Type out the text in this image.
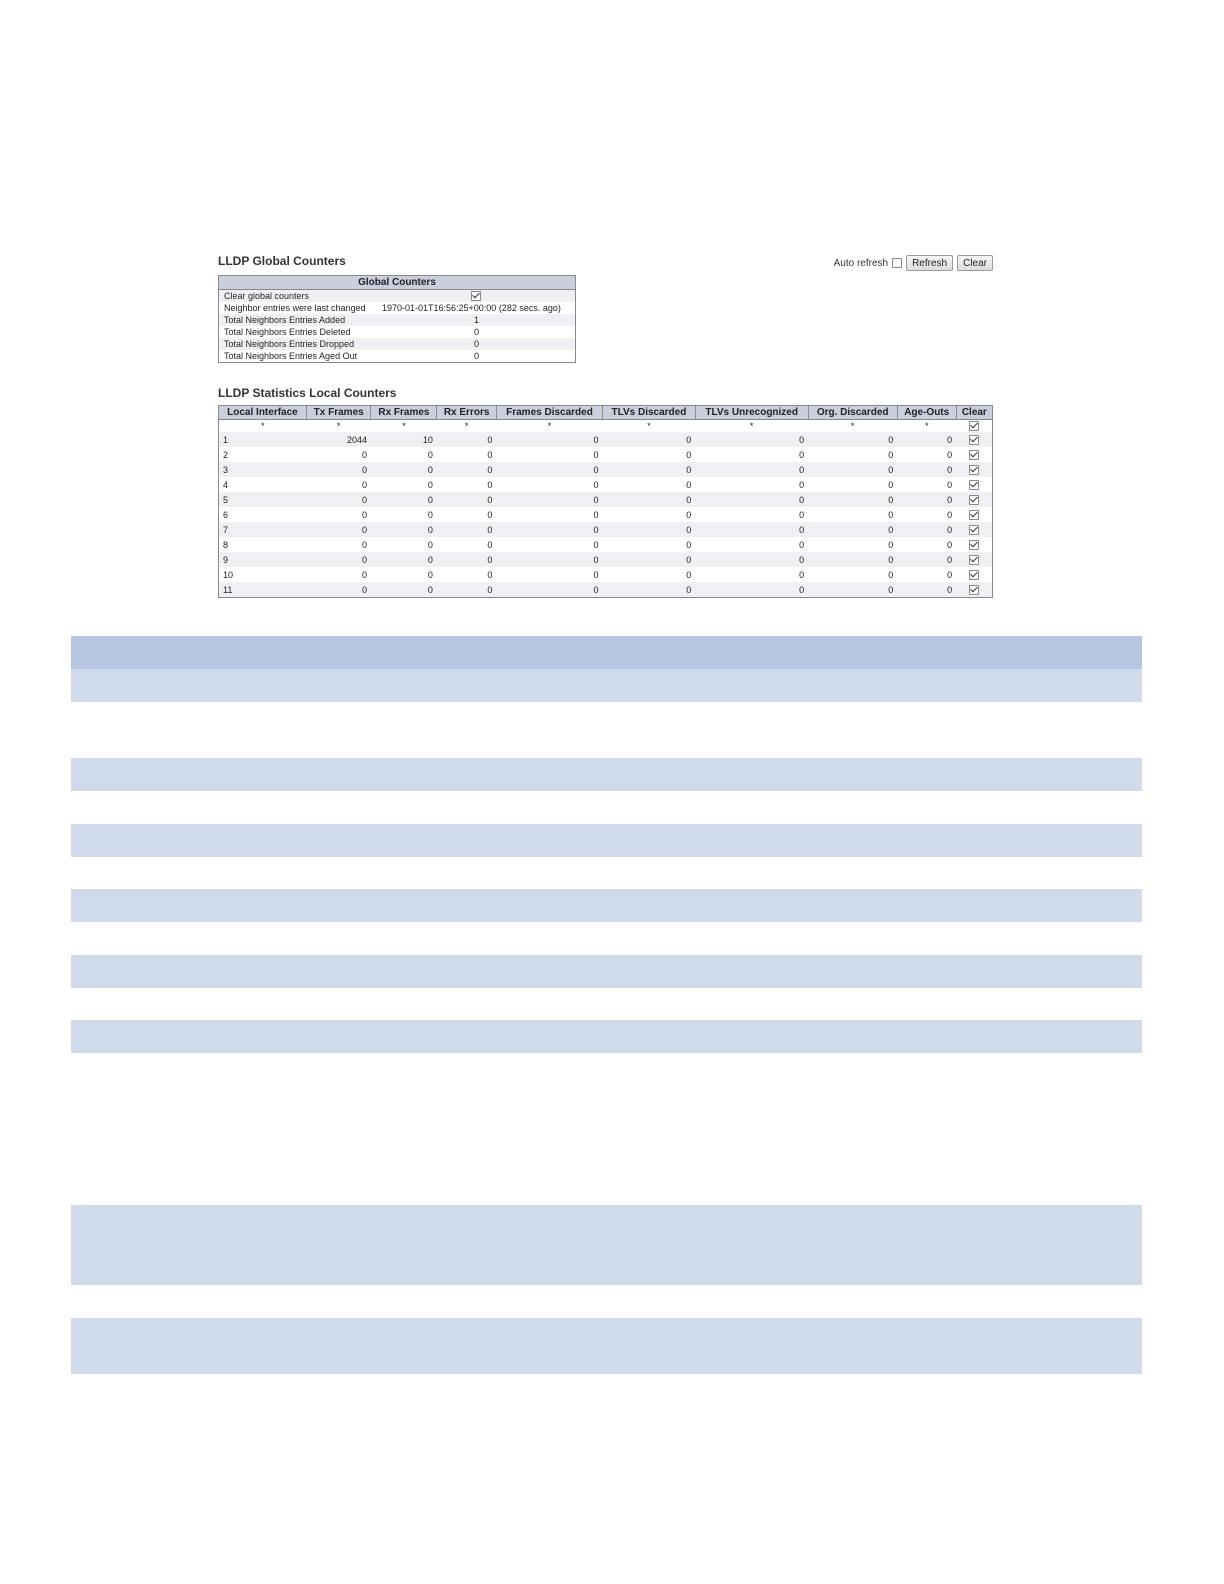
LLDP Global Counters	Auto refresh	Refresh	Clear
Global Counters	
Clear global counters	
Neighbor entries were last changed	1970-01-01T16:56:25+00:00 (282 secs. ago)
Total Neighbors Entries Added	1
Total Neighbors Entries Deleted	0
Total Neighbors Entries Dropped	0
Total Neighbors Entries Aged Out	0
LLDP Statistics Local Counters
Local Interface	Tx Frames	Rx Frames	Rx Errors	Frames Discarded	TLVs Discarded	TLVs Unrecognized	Org. Discarded	Age-Outs	Clear
*	*	*	*	*	*	*	*	*	
1	2044	10	0	0	0	0	0	0	
2	0	0	0	0	0	0	0	0	
3	0	0	0	0	0	0	0	0	
4	0	0	0	0	0	0	0	0	
5	0	0	0	0	0	0	0	0	
6	0	0	0	0	0	0	0	0	
7	0	0	0	0	0	0	0	0	
8	0	0	0	0	0	0	0	0	
9	0	0	0	0	0	0	0	0	
10	0	0	0	0	0	0	0	0	
11	0	0	0	0	0	0	0	0	
